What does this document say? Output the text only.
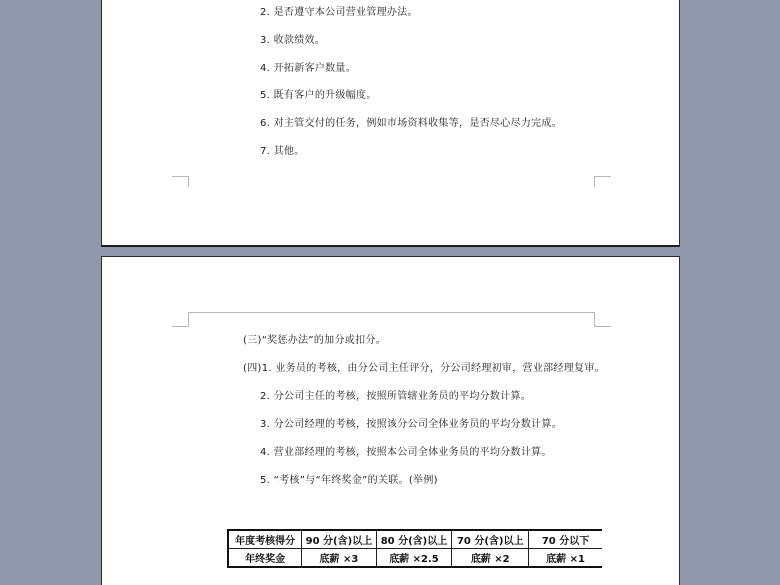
2. 是否遵守本公司营业管理办法。
3. 收款绩效。
4. 开拓新客户数量。
5. 既有客户的升级幅度。
6. 对主管交付的任务，例如市场资料收集等，是否尽心尽力完成。
7. 其他。
(三)“奖惩办法”的加分或扣分。
(四)1. 业务员的考核，由分公司主任评分，分公司经理初审，营业部经理复审。
2. 分公司主任的考核，按照所管辖业务员的平均分数计算。
3. 分公司经理的考核，按照该分公司全体业务员的平均分数计算。
4. 营业部经理的考核，按照本公司全体业务员的平均分数计算。
5. “考核”与“年终奖金”的关联。(举例)
年度考核得分	90 分(含)以上	80 分(含)以上	70 分(含)以上	70 分以下
年终奖金	底薪 ×3	底薪 ×2.5	底薪 ×2	底薪 ×1
